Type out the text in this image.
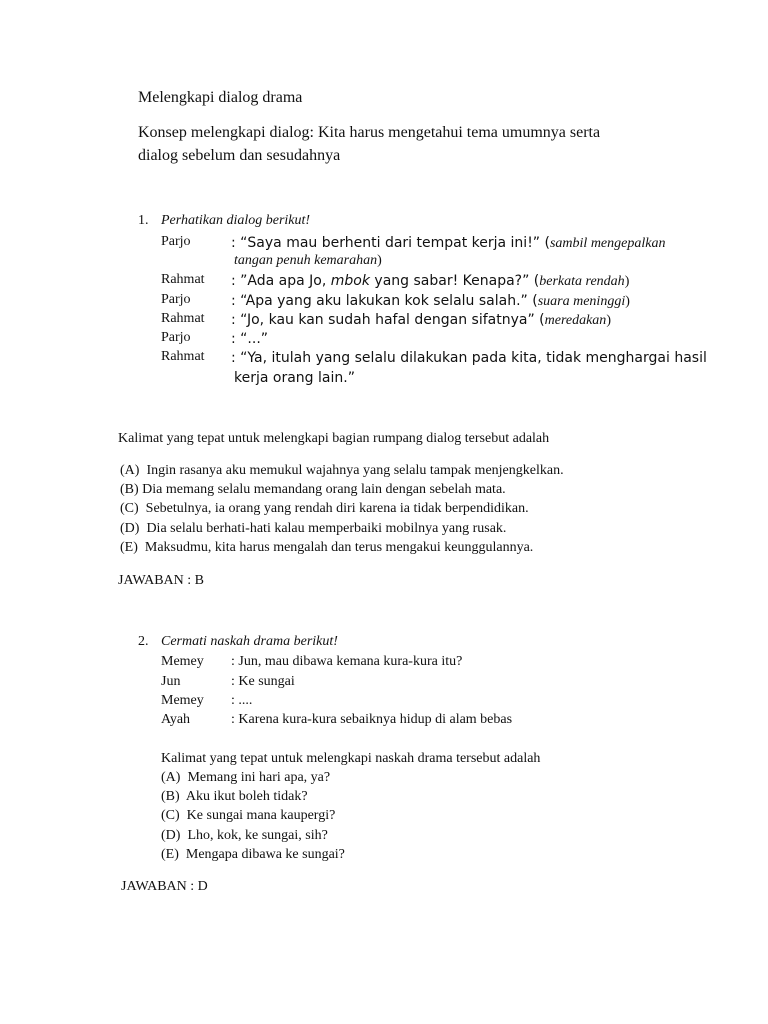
Melengkapi dialog drama
Konsep melengkapi dialog: Kita harus mengetahui tema umumnya serta
dialog sebelum dan sesudahnya
1. Perhatikan dialog berikut!
Parjo	: “Saya mau berhenti dari tempat kerja ini!” (sambil mengepalkan
tangan penuh kemarahan)
Rahmat : ”Ada apa Jo, mbok yang sabar! Kenapa?” (berkata rendah)
Parjo	: “Apa yang aku lakukan kok selalu salah.” (suara meninggi)
Rahmat : “Jo, kau kan sudah hafal dengan sifatnya” (meredakan)
Parjo	: “...”
Rahmat : “Ya, itulah yang selalu dilakukan pada kita, tidak menghargai hasil
kerja orang lain.”
Kalimat yang tepat untuk melengkapi bagian rumpang dialog tersebut adalah
(A) Ingin rasanya aku memukul wajahnya yang selalu tampak menjengkelkan.
(B) Dia memang selalu memandang orang lain dengan sebelah mata.
(C) Sebetulnya, ia orang yang rendah diri karena ia tidak berpendidikan.
(D) Dia selalu berhati-hati kalau memperbaiki mobilnya yang rusak.
(E) Maksudmu, kita harus mengalah dan terus mengakui keunggulannya.
JAWABAN : B
2. Cermati naskah drama berikut!
Memey : Jun, mau dibawa kemana kura-kura itu?
Jun	: Ke sungai
Memey : ....
Ayah	: Karena kura-kura sebaiknya hidup di alam bebas
Kalimat yang tepat untuk melengkapi naskah drama tersebut adalah
(A) Memang ini hari apa, ya?
(B) Aku ikut boleh tidak?
(C) Ke sungai mana kaupergi?
(D) Lho, kok, ke sungai, sih?
(E) Mengapa dibawa ke sungai?
JAWABAN : D
